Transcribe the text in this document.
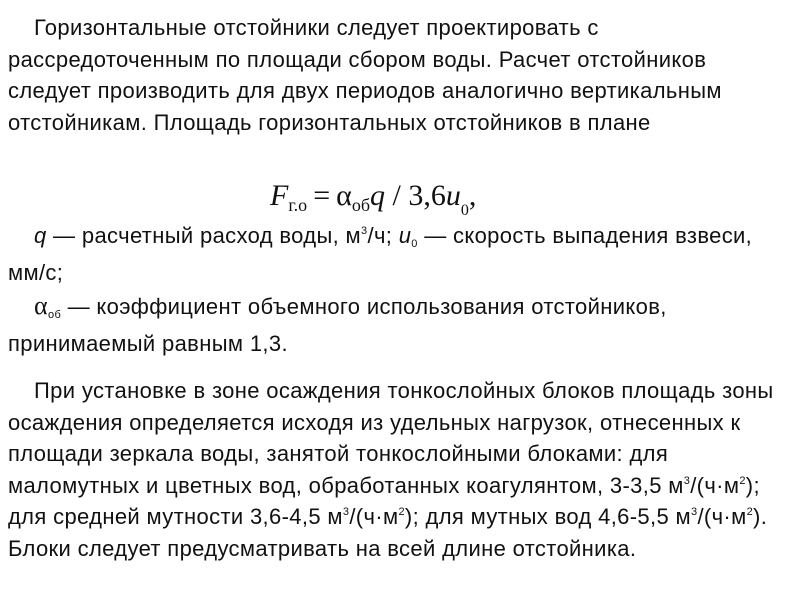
Горизонтальные отстойники следует проектировать с рассредоточенным по площади сбором воды. Расчет отстойников следует производить для двух периодов аналогично вертикальным отстойникам. Площадь горизонтальных отстойников в плане

$F_{г.о} = \alpha_{об}q / 3,6u_0$,

q — расчетный расход воды, $м^3/ч$; u0 — скорость выпадения взвеси, мм/с;

αоб — коэффициент объемного использования отстойников, принимаемый равным 1,3.

При установке в зоне осаждения тонкослойных блоков площадь зоны осаждения определяется исходя из удельных нагрузок, отнесенных к площади зеркала воды, занятой тонкослойными блоками: для маломутных и цветных вод, обработанных коагулянтом, 3-3,5 $м^3/(ч\cdot м^2)$; для средней мутности 3,6-4,5 $м^3/(ч\cdot м^2)$; для мутных вод 4,6-5,5 $м^3/(ч\cdot м^2)$. Блоки следует предусматривать на всей длине отстойника.
